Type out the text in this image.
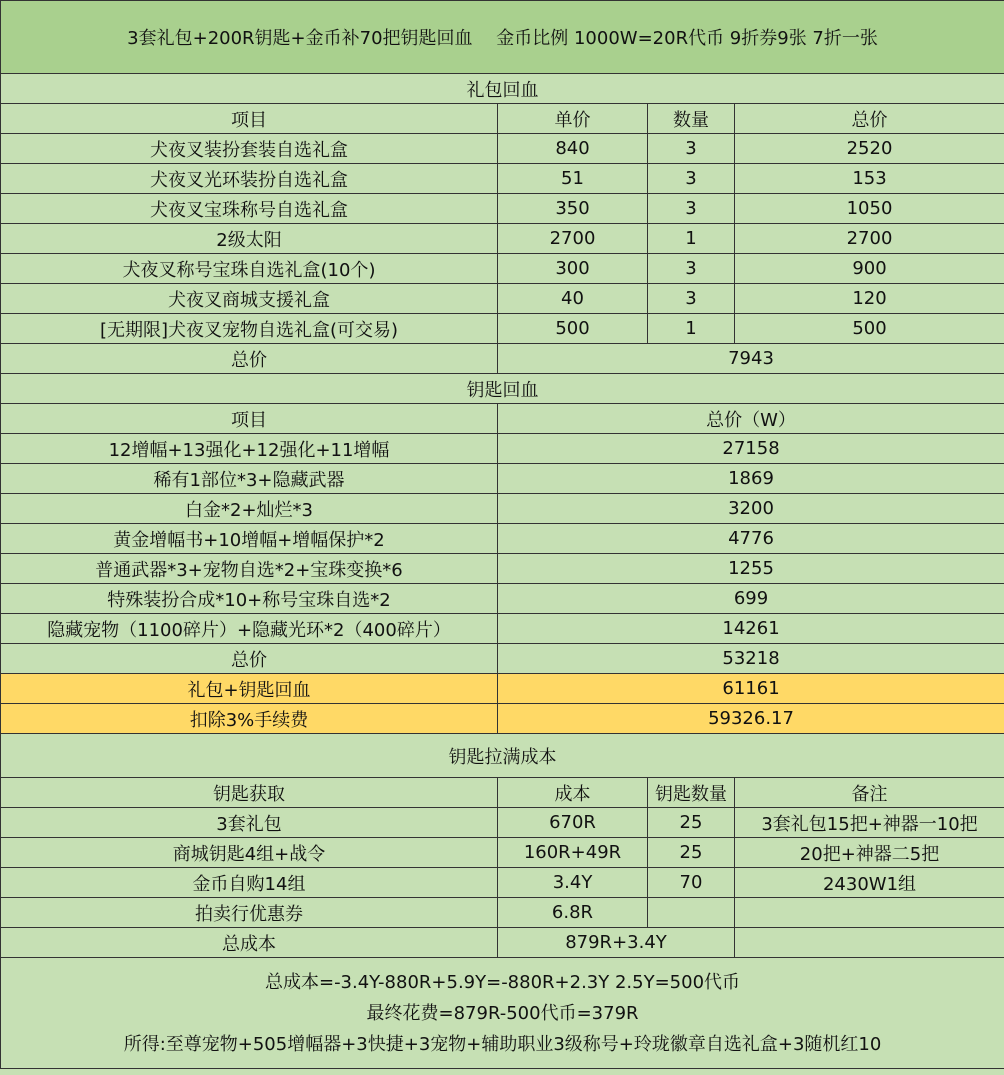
3套礼包+200R钥匙+金币补70把钥匙回血　 金币比例 1000W=20R代币 9折券9张 7折一张			
礼包回血			
项目	单价	数量	总价
犬夜叉装扮套装自选礼盒	840	3	2520
犬夜叉光环装扮自选礼盒	51	3	153
犬夜叉宝珠称号自选礼盒	350	3	1050
2级太阳	2700	1	2700
犬夜叉称号宝珠自选礼盒(10个)	300	3	900
犬夜叉商城支援礼盒	40	3	120
[无期限]犬夜叉宠物自选礼盒(可交易)	500	1	500
总价	7943		
钥匙回血			
项目	总价（W）		
12增幅+13强化+12强化+11增幅	27158		
稀有1部位*3+隐藏武器	1869		
白金*2+灿烂*3	3200		
黄金增幅书+10增幅+增幅保护*2	4776		
普通武器*3+宠物自选*2+宝珠变换*6	1255		
特殊装扮合成*10+称号宝珠自选*2	699		
隐藏宠物（1100碎片）+隐藏光环*2（400碎片）	14261		
总价	53218		
礼包+钥匙回血	61161		
扣除3%手续费	59326.17		
钥匙拉满成本			
钥匙获取	成本	钥匙数量	备注
3套礼包	670R	25	3套礼包15把+神器一10把
商城钥匙4组+战令	160R+49R	25	20把+神器二5把
金币自购14组	3.4Y	70	2430W1组
拍卖行优惠券	6.8R		
总成本	879R+3.4Y		

总成本=-3.4Y-880R+5.9Y=-880R+2.3Y 2.5Y=500代币
最终花费=879R-500代币=379R
所得:至尊宠物+505增幅器+3快捷+3宠物+辅助职业3级称号+玲珑徽章自选礼盒+3随机红10			
